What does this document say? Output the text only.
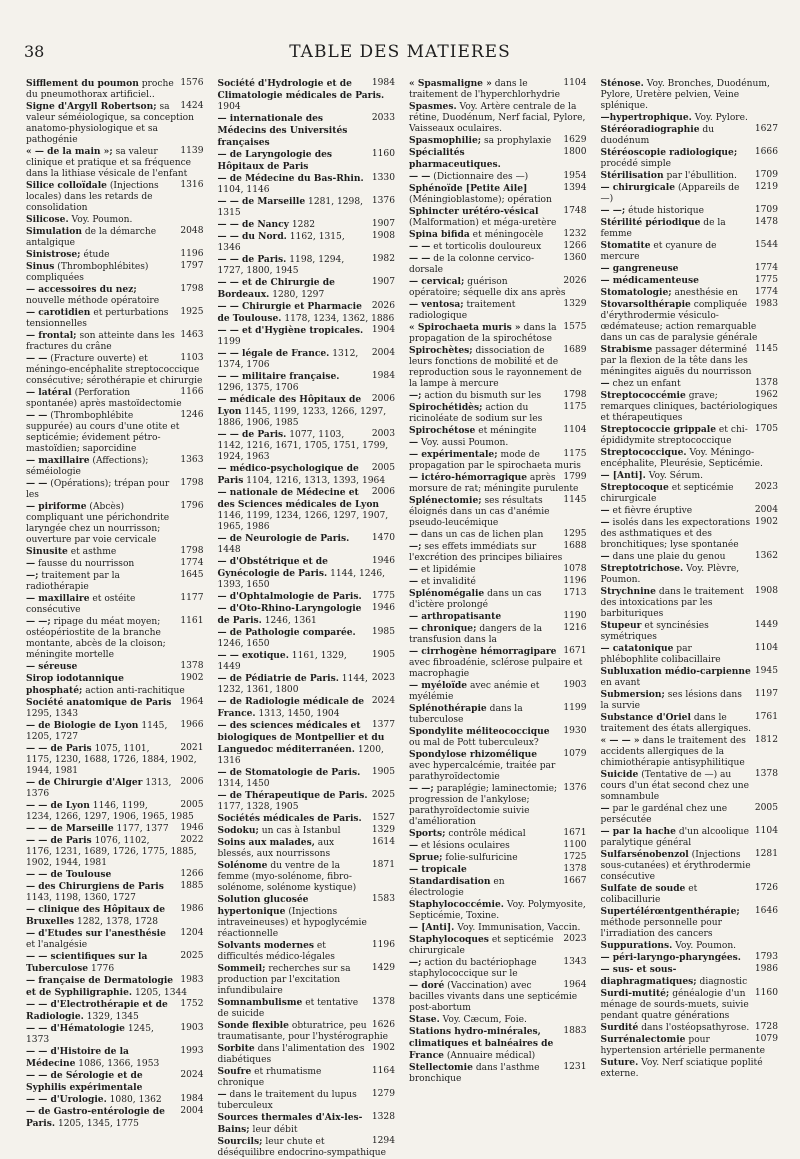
38	TABLE DES MATIERES

1576
Sifflement du poumon proche du pneumothorax artificiel..

1424
Signe d'Argyll Robertson; sa valeur séméiologique, sa conception anatomo-physiologique et sa pathogénie

1139
« — de la main »; sa valeur clinique et pratique et sa fréquence dans la lithiase vésicale de l'enfant

1316
Silice colloïdale (Injections locales) dans les retards de consolidation

Silicose. Voy. Poumon.

2048
Simulation de la démarche antalgique

1196
Sinistrose; étude

1797
Sinus (Thrombophlébites) compliquées

1798
— accessoires du nez; nouvelle méthode opératoire

1925
— carotidien et perturbations tensionnelles

1463
— frontal; son atteinte dans les fractures du crâne

1103
— — (Fracture ouverte) et méningo-encéphalite streptococcique consécutive; sérothérapie et chirurgie

1166
— latéral (Perforation spontanée) après mastoïdectomie

1246
— — (Thrombophlébite suppurée) au cours d'une otite et septicémie; évidement pétro-mastoïdien; saporcidine

1363
— maxillaire (Affections); séméiologie

1798
— — (Opérations); trépan pour les

1796
— piriforme (Abcès) compliquant une périchondrite laryngée chez un nourrisson; ouverture par voie cervicale

1798
Sinusite et asthme

1774
— fausse du nourrisson

1645
—; traitement par la radiothérapie

1177
— maxillaire et ostéite consécutive

1161
— —; ripage du méat moyen; ostéopériostite de la branche montante, abcès de la cloison; méningite mortelle

1378
— séreuse

1902
Sirop iodotannique phosphaté; action anti-rachitique

1964
Société anatomique de Paris 1295, 1343

1966
— de Biologie de Lyon 1145, 1205, 1727

2021
— — de Paris 1075, 1101, 1175, 1230, 1688, 1726, 1884, 1902, 1944, 1981

2006
— de Chirurgie d'Alger 1313, 1376

2005
— — de Lyon 1146, 1199, 1234, 1266, 1297, 1906, 1965, 1985

1946
— — de Marseille 1177, 1377

2022
— — de Paris 1076, 1102, 1176, 1231, 1689, 1726, 1775, 1885, 1902, 1944, 1981

1266
— — de Toulouse

1885
— des Chirurgiens de Paris 1143, 1198, 1360, 1727

1986
— clinique des Hôpitaux de Bruxelles 1282, 1378, 1728

1204
— d'Etudes sur l'anesthésie et l'analgésie

2025
— — scientifiques sur la Tuberculose 1776

1983
— française de Dermatologie et de Syphiligraphie. 1205, 1344

1752
— — d'Electrothérapie et de Radiologie. 1329, 1345

1903
— — d'Hématologie 1245, 1373

1993
— — d'Histoire de la Médecine 1086, 1366, 1953

2024
— — de Sérologie et de Syphilis expérimentale

1984
— — d'Urologie. 1080, 1362

2004
— de Gastro-entérologie de Paris. 1205, 1345, 1775

1984
Société d'Hydrologie et de Climatologie médicales de Paris. 1904

2033
— internationale des Médecins des Universités françaises

1160
— de Laryngologie des Hôpitaux de Paris

1330
— de Médecine du Bas-Rhin. 1104, 1146

1376
— — de Marseille 1281, 1298, 1315

1907
— — de Nancy 1282

1908
— — du Nord. 1162, 1315, 1346

1982
— — de Paris. 1198, 1294, 1727, 1800, 1945

1907
— — et de Chirurgie de Bordeaux. 1280, 1297

2026
— — Chirurgie et Pharmacie de Toulouse. 1178, 1234, 1362, 1886

1904
— — et d'Hygiène tropicales. 1199

2004
— — légale de France. 1312, 1374, 1706

1984
— — militaire française. 1296, 1375, 1706

2006
— médicale des Hôpitaux de Lyon 1145, 1199, 1233, 1266, 1297, 1886, 1906, 1985

2003
— — de Paris. 1077, 1103, 1142, 1216, 1671, 1705, 1751, 1799, 1924, 1963

2005
— médico-psychologique de Paris 1104, 1216, 1313, 1393, 1964

2006
— nationale de Médecine et des Sciences médicales de Lyon 1146, 1199, 1234, 1266, 1297, 1907, 1965, 1986

1470
— de Neurologie de Paris. 1448

1946
— d'Obstétrique et de Gynécologie de Paris. 1144, 1246, 1393, 1650

1775
— d'Ophtalmologie de Paris.

1946
— d'Oto-Rhino-Laryngologie de Paris. 1246, 1361

1985
— de Pathologie comparée. 1246, 1650

1905
— — exotique. 1161, 1329, 1449

2023
— de Pédiatrie de Paris. 1144, 1232, 1361, 1800

2024
— de Radiologie médicale de France. 1313, 1450, 1904

1377
— des sciences médicales et biologiques de Montpellier et du Languedoc méditerranéen. 1200, 1316

1905
— de Stomatologie de Paris. 1314, 1450

2025
— de Thérapeutique de Paris. 1177, 1328, 1905

1527
Sociétés médicales de Paris.

1329
Sodoku; un cas à Istanbul

1614
Soins aux malades, aux blessés, aux nourrissons

1871
Solénome du ventre de la femme (myo-solénome, fibro-solénome, solénome kystique)

1583
Solution glucosée hypertonique (Injections intraveineuses) et hypoglycémie réactionnelle

1196
Solvants modernes et difficultés médico-légales

1429
Sommeil; recherches sur sa production par l'excitation infundibulaire

1378
Somnambulisme et tentative de suicide

1626
Sonde flexible obturatrice, peu traumatisante, pour l'hystérographie

1902
Sorbite dans l'alimentation des diabétiques

1164
Soufre et rhumatisme chronique

1279
— dans le traitement du lupus tuberculeux

1328
Sources thermales d'Aix-les-Bains; leur débit

1294
Sourcils; leur chute et déséquilibre endocrino-sympathique

1104
« Spasmaligne » dans le traitement de l'hyperchlorhydrie

Spasmes. Voy. Artère centrale de la rétine, Duodénum, Nerf facial, Pylore, Vaisseaux oculaires.

1629
Spasmophilie; sa prophylaxie

1800
Spécialités pharmaceutiques.

1954
— — (Dictionnaire des —)

1394
Sphénoïde [Petite Aile] (Méningioblastome); opération

1748
Sphincter urétéro-vésical (Malformation) et méga-uretère

1232
Spina bifida et méningocèle

1266
— — et torticolis douloureux

1360
— — de la colonne cervico-dorsale

2026
— cervical; guérison opératoire; séquelle dix ans après

1329
— ventosa; traitement radiologique

1575
« Spirochaeta muris » dans la propagation de la spirochétose

1689
Spirochètes; dissociation de leurs fonctions de mobilité et de reproduction sous le rayonnement de la lampe à mercure

1798
—; action du bismuth sur les

1175
Spirochétidès; action du ricinoléate de sodium sur les

1104
Spirochétose et méningite

— Voy. aussi Poumon.

1175
— expérimentale; mode de propagation par le spirochaeta muris

1799
— ictéro-hémorragique après morsure de rat; méningite purulente

1145
Splénectomie; ses résultats éloignés dans un cas d'anémie pseudo-leucémique

1295
— dans un cas de lichen plan

1688
—; ses effets immédiats sur l'excrétion des principes biliaires

1078
— et lipidémie

1196
— et invalidité

1713
Splénomégalie dans un cas d'ictère prolongé

1190
— arthropatisante

1216
— chronique; dangers de la transfusion dans la

1671
— cirrhogène hémorragipare avec fibroadénie, sclérose pulpaire et macrophagie

1903
— myéloïde avec anémie et myélémie

1199
Splénothérapie dans la tuberculose

1930
Spondylite méliteococcique ou mal de Pott tuberculeux?

1079
Spondylose rhizomélique avec hypercalcémie, traitée par parathyroïdectomie

1376
— —; paraplégie; laminectomie; progression de l'ankylose; parathyroïdectomie suivie d'amélioration

1671
Sports; contrôle médical

1100
— et lésions oculaires

1725
Sprue; folie-sulfuricine

1378
— tropicale

1667
Standardisation en électrologie

Staphylococcémie. Voy. Polymyosite, Septicémie, Toxine.

— [Anti]. Voy. Immunisation, Vaccin.

2023
Staphylocoques et septicémie chirurgicale

1343
—; action du bactériophage staphylococcique sur le

1964
— doré (Vaccination) avec bacilles vivants dans une septicémie post-abortum

Stase. Voy. Cæcum, Foie.

1883
Stations hydro-minérales, climatiques et balnéaires de France (Annuaire médical)

1231
Stellectomie dans l'asthme bronchique

Sténose. Voy. Bronches, Duodénum, Pylore, Uretère pelvien, Veine splénique.

—hypertrophique. Voy. Pylore.

1627
Stéréoradiographie du duodénum

1666
Stéréoscopie radiologique; procédé simple

1709
Stérilisation par l'ébullition.

1219
— chirurgicale (Appareils de —)

1709
— —; étude historique

1478
Stérilité périodique de la femme

1544
Stomatite et cyanure de mercure

1774
— gangreneuse

1775
— médicamenteuse

1774
Stomatologie; anesthésie en

1983
Stovarsolthérapie compliquée d'érythrodermie vésiculo-œdémateuse; action remarquable dans un cas de paralysie générale

1145
Strabisme passager déterminé par la flexion de la tête dans les méningites aiguës du nourrisson

1378
— chez un enfant

1962
Streptococcémie grave; remarques cliniques, bactériologiques et thérapeutiques

1705
Streptococcie grippale et chi-épididymite streptococcique

Streptococcique. Voy. Méningo-encéphalite, Pleurésie, Septicémie.

— [Anti]. Voy. Sérum.

2023
Streptocoque et septicémie chirurgicale

2004
— et fièvre éruptive

1902
— isolés dans les expectorations des asthmatiques et des bronchitiques; lyse spontanée

1362
— dans une plaie du genou

Streptotrichose. Voy. Plèvre, Poumon.

1908
Strychnine dans le traitement des intoxications par les barbituriques

1449
Stupeur et syncinésies symétriques

1104
— catatonique par phlébophlite colibacillaire

1945
Subluxation médio-carpienne en avant

1197
Submersion; ses lésions dans la survie

1761
Substance d'Oriel dans le traitement des états allergiques.

1812
« — — » dans le traitement des accidents allergiques de la chimiothérapie antisyphilitique

1378
Suicide (Tentative de —) au cours d'un état second chez une somnambule

2005
— par le gardénal chez une persécutée

1104
— par la hache d'un alcoolique paralytique général

1281
Sulfarsénobenzol (Injections sous-cutanées) et érythrodermie consécutive

1726
Sulfate de soude et colibacillurie

1646
Supertélérœntgenthérapie; méthode personnelle pour l'irradiation des cancers

Suppurations. Voy. Poumon.

1793
— péri-laryngo-pharyngées.

1986
— sus- et sous-diaphragmatiques; diagnostic

1160
Surdi-mutité; généalogie d'un ménage de sourds-muets, suivie pendant quatre générations

1728
Surdité dans l'ostéopsathyrose.

1079
Surrénalectomie pour hypertension artérielle permanente

Suture. Voy. Nerf sciatique poplité externe.
